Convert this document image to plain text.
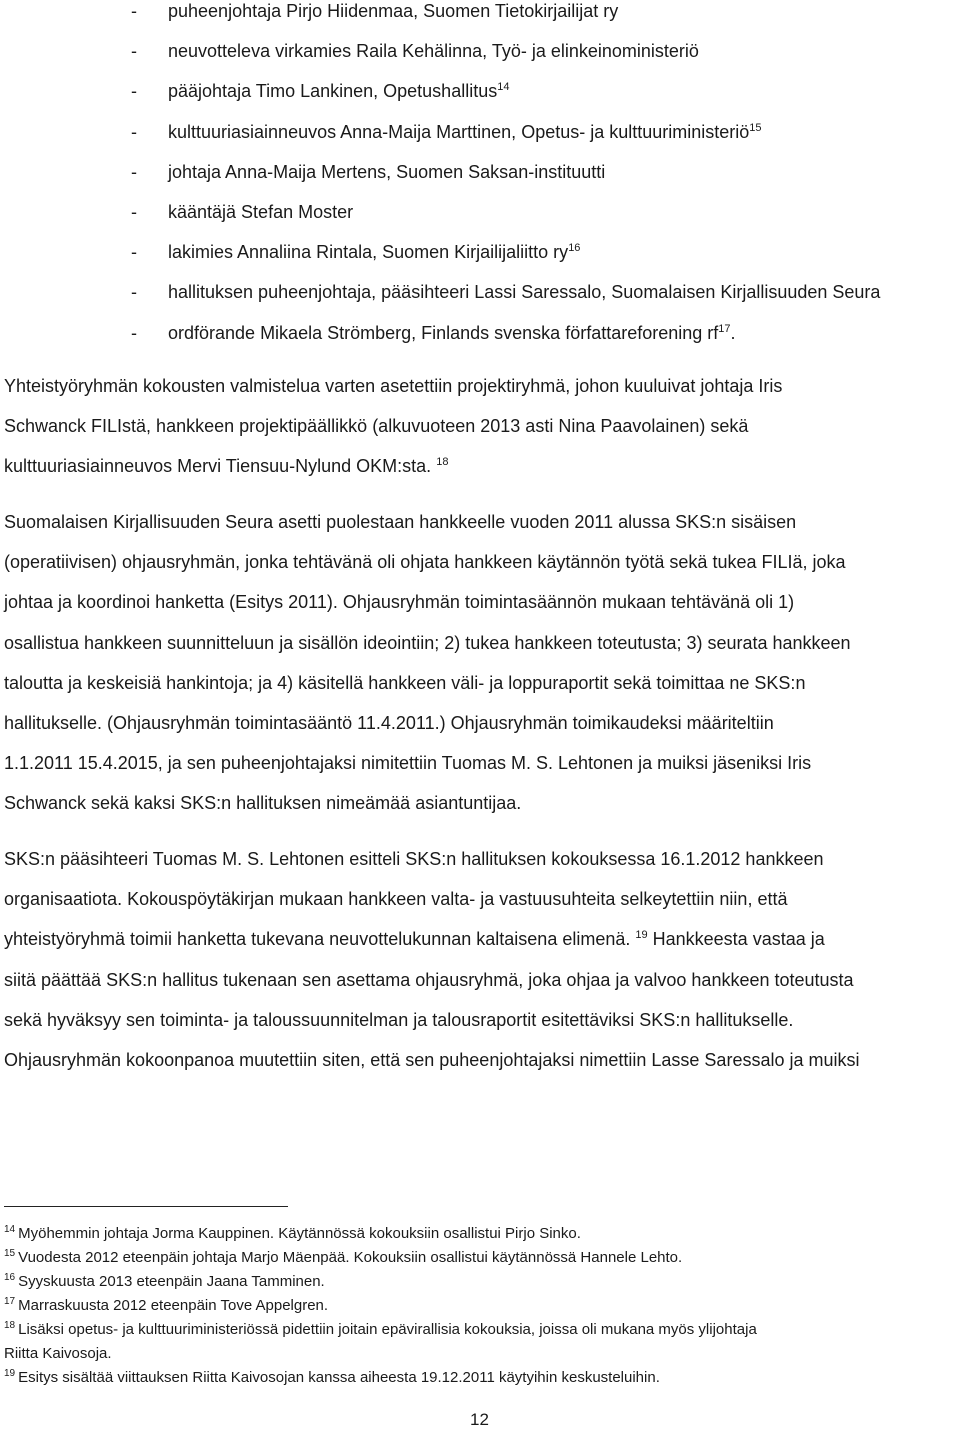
- puheenjohtaja Pirjo Hiidenmaa, Suomen Tietokirjailijat ry
- neuvotteleva virkamies Raila Kehälinna, Työ- ja elinkeinoministeriö
- pääjohtaja Timo Lankinen, Opetushallitus$^{14}$
- kulttuuriasiainneuvos Anna-Maija Marttinen, Opetus- ja kulttuuriministeriö$^{15}$
- johtaja Anna-Maija Mertens, Suomen Saksan-instituutti
- kääntäjä Stefan Moster
- lakimies Annaliina Rintala, Suomen Kirjailijaliitto $ry^{16}$
- hallituksen puheenjohtaja, pääsihteeri Lassi Saressalo, Suomalaisen Kirjallisuuden Seura
- ordförande Mikaela Strömberg, Finlands svenska författareforening $rf^{17}$.
Yhteistyöryhmän kokousten valmistelua varten asetettiin projektiryhmä, johon kuuluivat johtaja Iris
Schwanck FILIstä, hankkeen projektipäällikkö (alkuvuoteen 2013 asti Nina Paavolainen) sekä
kulttuuriasiainneuvos Mervi Tiensuu-Nylund OKM:sta. $^{18}$
Suomalaisen Kirjallisuuden Seura asetti puolestaan hankkeelle vuoden 2011 alussa SKS:n sisäisen
(operatiivisen) ohjausryhmän, jonka tehtävänä oli ohjata hankkeen käytännön työtä sekä tukea FILIä, joka
johtaa ja koordinoi hanketta (Esitys 2011). Ohjausryhmän toimintasäännön mukaan tehtävänä oli 1)
osallistua hankkeen suunnitteluun ja sisällön ideointiin; 2) tukea hankkeen toteutusta; 3) seurata hankkeen
taloutta ja keskeisiä hankintoja; ja 4) käsitellä hankkeen väli- ja loppuraportit sekä toimittaa ne SKS:n
hallitukselle. (Ohjausryhmän toimintasääntö 11.4.2011.) Ohjausryhmän toimikaudeksi määriteltiin
1.1.2011 15.4.2015, ja sen puheenjohtajaksi nimitettiin Tuomas M. S. Lehtonen ja muiksi jäseniksi Iris
Schwanck sekä kaksi SKS:n hallituksen nimeämää asiantuntijaa.
SKS:n pääsihteeri Tuomas M. S. Lehtonen esitteli SKS:n hallituksen kokouksessa 16.1.2012 hankkeen
organisaatiota. Kokouspöytäkirjan mukaan hankkeen valta- ja vastuusuhteita selkeytettiin niin, että
yhteistyöryhmä toimii hanketta tukevana neuvottelukunnan kaltaisena elimenä. $^{19}$ Hankkeesta vastaa ja
siitä päättää SKS:n hallitus tukenaan sen asettama ohjausryhmä, joka ohjaa ja valvoo hankkeen toteutusta
sekä hyväksyy sen toiminta- ja taloussuunnitelman ja talousraportit esitettäviksi SKS:n hallitukselle.
Ohjausryhmän kokoonpanoa muutettiin siten, että sen puheenjohtajaksi nimettiin Lasse Saressalo ja muiksi
$^{14}$ Myöhemmin johtaja Jorma Kauppinen. Käytännössä kokouksiin osallistui Pirjo Sinko.
$^{15}$ Vuodesta 2012 eteenpäin johtaja Marjo Mäenpää. Kokouksiin osallistui käytännössä Hannele Lehto.
$^{16}$ Syyskuusta 2013 eteenpäin Jaana Tamminen.
$^{17}$ Marraskuusta 2012 eteenpäin Tove Appelgren.
$^{18}$ Lisäksi opetus- ja kulttuuriministeriössä pidettiin joitain epävirallisia kokouksia, joissa oli mukana myös ylijohtaja
Riitta Kaivosoja.
$^{19}$ Esitys sisältää viittauksen Riitta Kaivosojan kanssa aiheesta 19.12.2011 käytyihin keskusteluihin.
12
